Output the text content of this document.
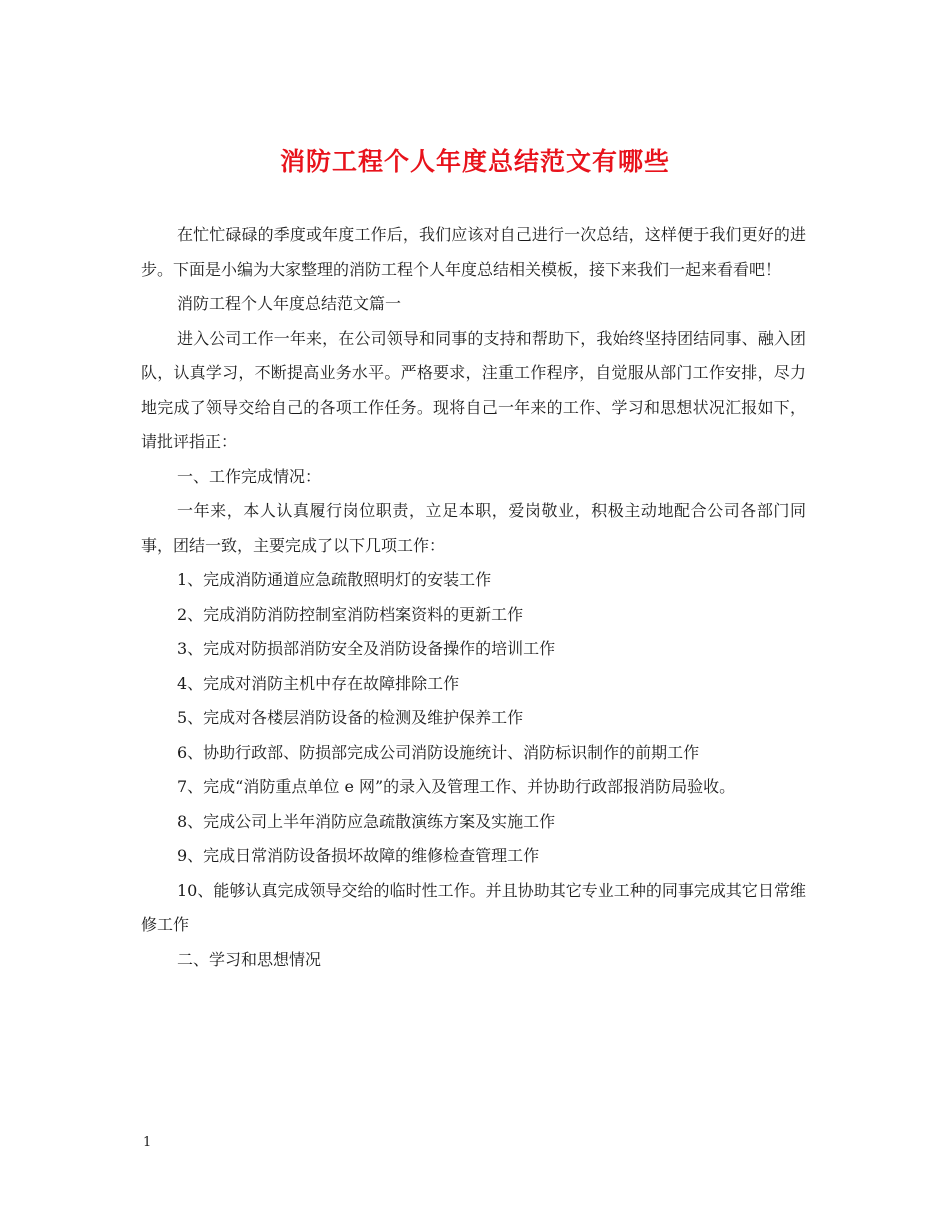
消防工程个人年度总结范文有哪些

在忙忙碌碌的季度或年度工作后，我们应该对自己进行一次总结，这样便于我们更好的进步。下面是小编为大家整理的消防工程个人年度总结相关模板，接下来我们一起来看看吧！

消防工程个人年度总结范文篇一

进入公司工作一年来，在公司领导和同事的支持和帮助下，我始终坚持团结同事、融入团队，认真学习，不断提高业务水平。严格要求，注重工作程序，自觉服从部门工作安排，尽力地完成了领导交给自己的各项工作任务。现将自己一年来的工作、学习和思想状况汇报如下，请批评指正：

一、工作完成情况：

一年来，本人认真履行岗位职责，立足本职，爱岗敬业，积极主动地配合公司各部门同事，团结一致，主要完成了以下几项工作：

1、完成消防通道应急疏散照明灯的安装工作

2、完成消防消防控制室消防档案资料的更新工作

3、完成对防损部消防安全及消防设备操作的培训工作

4、完成对消防主机中存在故障排除工作

5、完成对各楼层消防设备的检测及维护保养工作

6、协助行政部、防损部完成公司消防设施统计、消防标识制作的前期工作

7、完成“消防重点单位 e 网”的录入及管理工作、并协助行政部报消防局验收。

8、完成公司上半年消防应急疏散演练方案及实施工作

9、完成日常消防设备损坏故障的维修检查管理工作

10、能够认真完成领导交给的临时性工作。并且协助其它专业工种的同事完成其它日常维修工作

二、学习和思想情况

1
